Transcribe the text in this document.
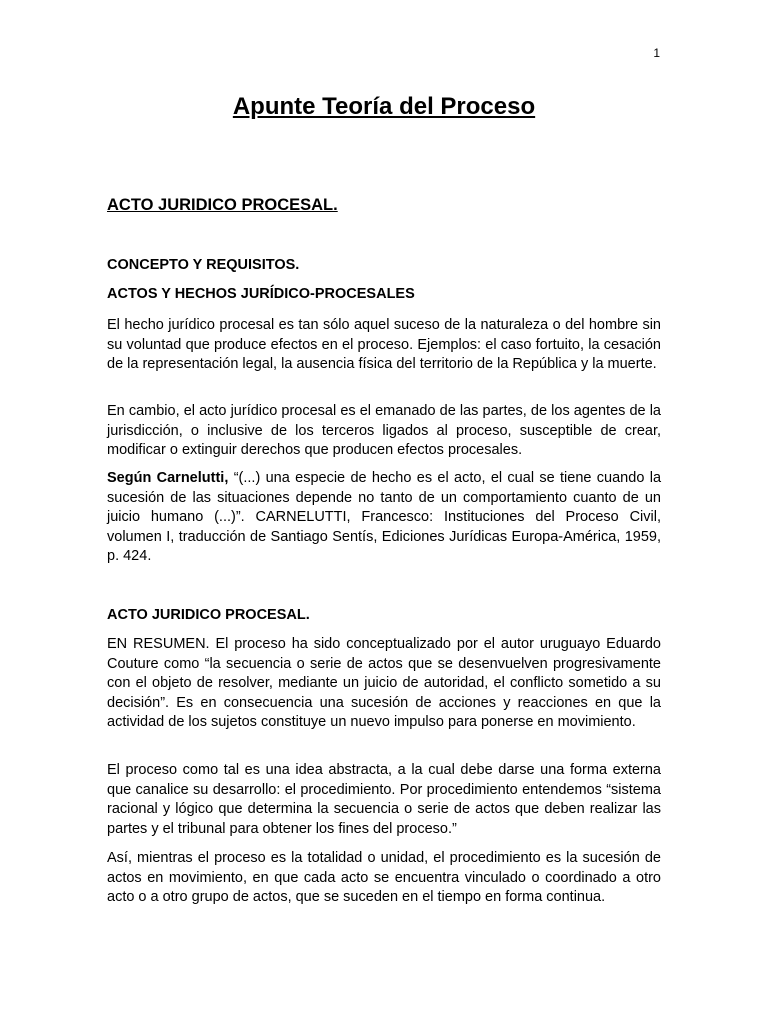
1
Apunte Teoría del Proceso
ACTO JURIDICO PROCESAL.
CONCEPTO Y REQUISITOS.
ACTOS Y HECHOS JURÍDICO-PROCESALES

El hecho jurídico procesal es tan sólo aquel suceso de la naturaleza o del hombre sin su voluntad que produce efectos en el proceso. Ejemplos: el caso fortuito, la cesación de la representación legal, la ausencia física del territorio de la República y la muerte.

En cambio, el acto jurídico procesal es el emanado de las partes, de los agentes de la jurisdicción, o inclusive de los terceros ligados al proceso, susceptible de crear, modificar o extinguir derechos que producen efectos procesales.

Según Carnelutti, “(...) una especie de hecho es el acto, el cual se tiene cuando la sucesión de las situaciones depende no tanto de un comportamiento cuanto de un juicio humano (...)”. CARNELUTTI, Francesco: Instituciones del Proceso Civil, volumen I, traducción de Santiago Sentís, Ediciones Jurídicas Europa-América, 1959, p. 424.

ACTO JURIDICO PROCESAL.

EN RESUMEN. El proceso ha sido conceptualizado por el autor uruguayo Eduardo Couture como “la secuencia o serie de actos que se desenvuelven progresivamente con el objeto de resolver, mediante un juicio de autoridad, el conflicto sometido a su decisión”. Es en consecuencia una sucesión de acciones y reacciones en que la actividad de los sujetos constituye un nuevo impulso para ponerse en movimiento.

El proceso como tal es una idea abstracta, a la cual debe darse una forma externa que canalice su desarrollo: el procedimiento. Por procedimiento entendemos “sistema racional y lógico que determina la secuencia o serie de actos que deben realizar las partes y el tribunal para obtener los fines del proceso.”

Así, mientras el proceso es la totalidad o unidad, el procedimiento es la sucesión de actos en movimiento, en que cada acto se encuentra vinculado o coordinado a otro acto o a otro grupo de actos, que se suceden en el tiempo en forma continua.
